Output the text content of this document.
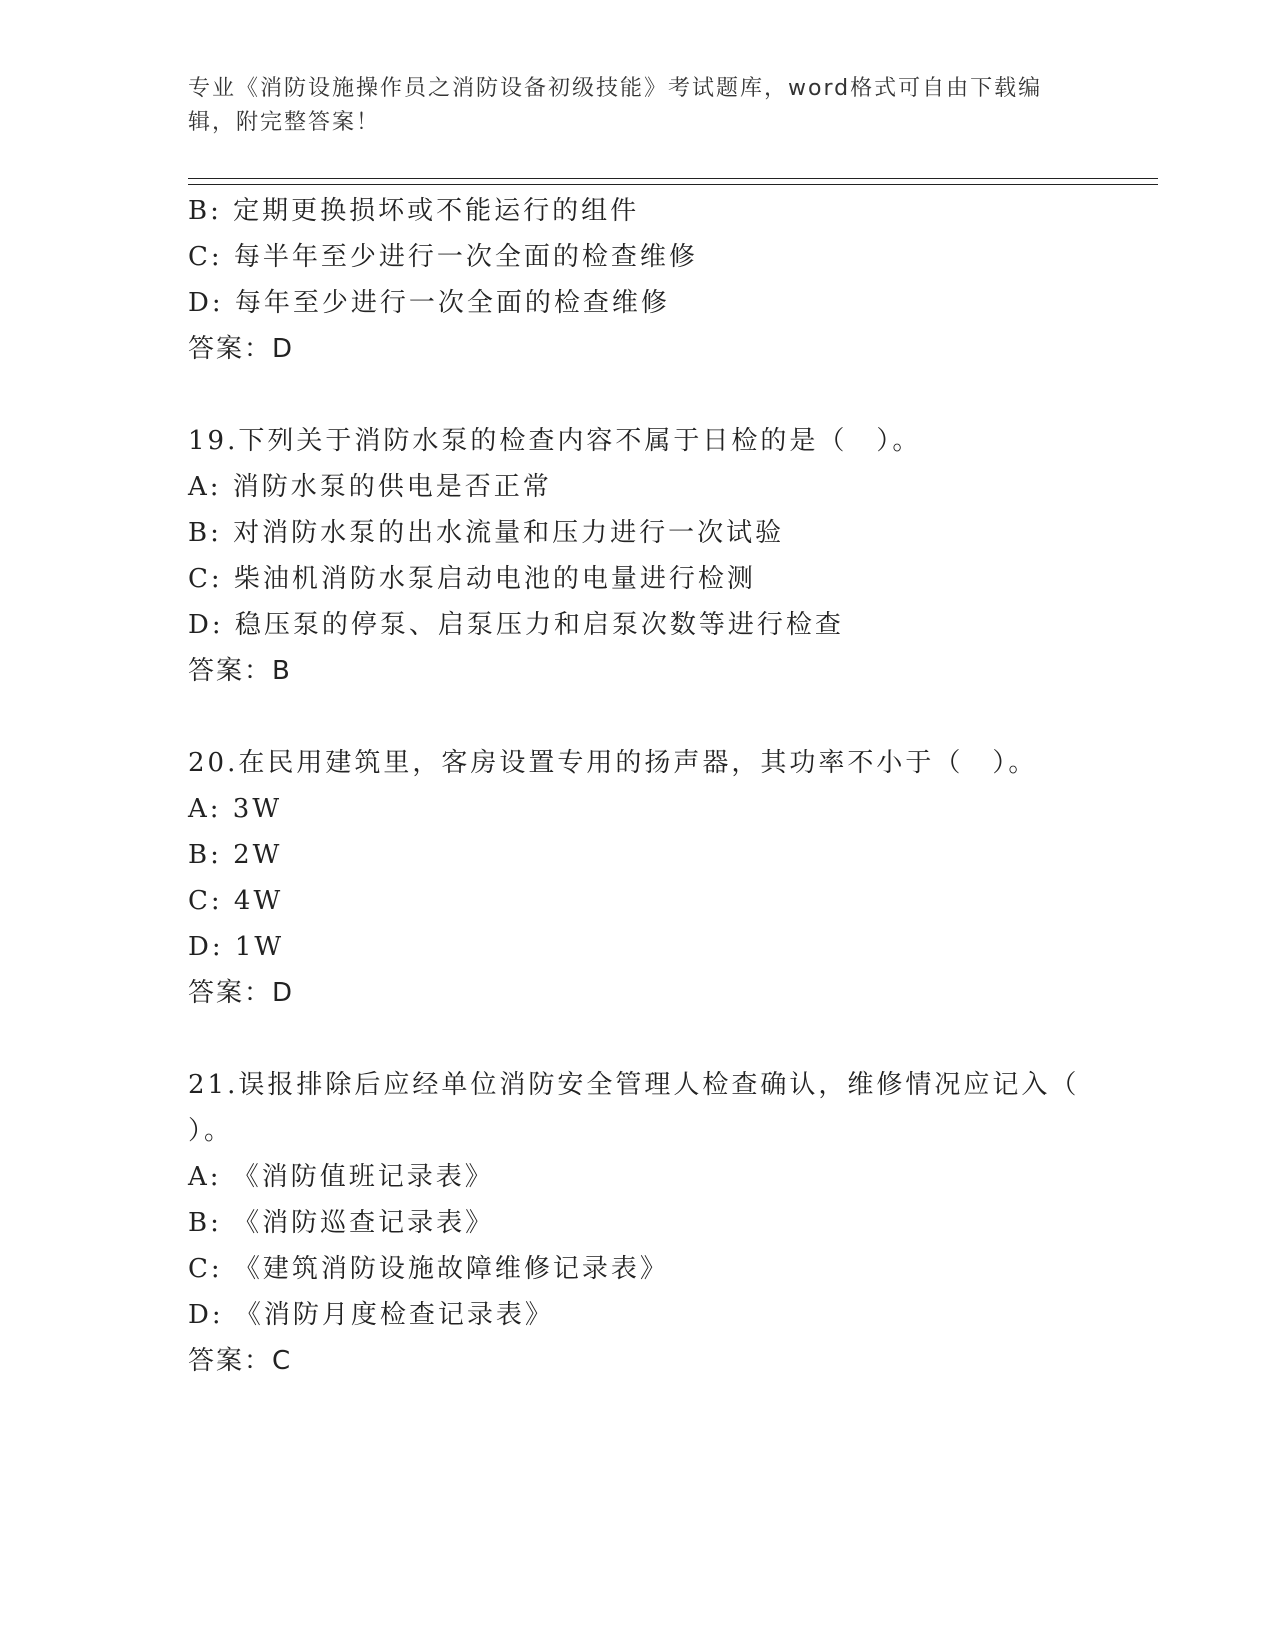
专业《消防设施操作员之消防设备初级技能》考试题库，word格式可自由下载编
辑，附完整答案！
B: 定期更换损坏或不能运行的组件
C: 每半年至少进行一次全面的检查维修
D: 每年至少进行一次全面的检查维修
答案：D
19.下列关于消防水泵的检查内容不属于日检的是（　）。
A: 消防水泵的供电是否正常
B: 对消防水泵的出水流量和压力进行一次试验
C: 柴油机消防水泵启动电池的电量进行检测
D: 稳压泵的停泵、启泵压力和启泵次数等进行检查
答案：B
20.在民用建筑里，客房设置专用的扬声器，其功率不小于（　）。
A: 3W
B: 2W
C: 4W
D: 1W
答案：D
21.误报排除后应经单位消防安全管理人检查确认，维修情况应记入（
）。
A: 《消防值班记录表》
B: 《消防巡查记录表》
C: 《建筑消防设施故障维修记录表》
D: 《消防月度检查记录表》
答案：C
